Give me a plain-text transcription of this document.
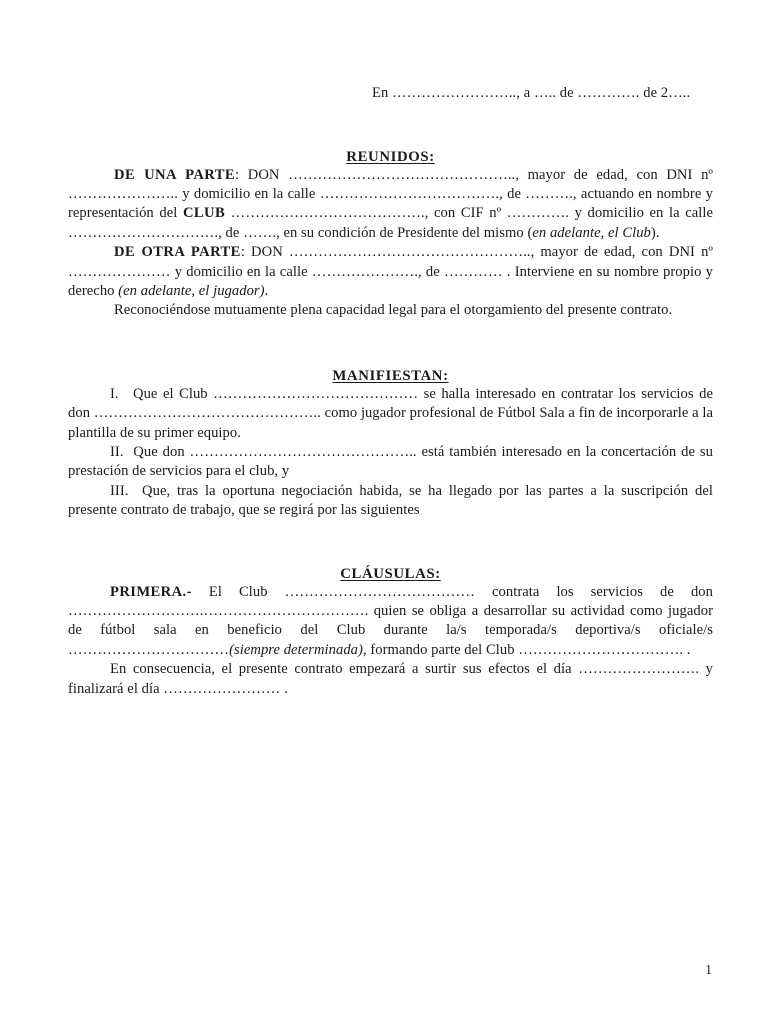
En …………………….., a ….. de …………. de 2…..
REUNIDOS:

DE UNA PARTE: DON ……………………………………….., mayor de edad, con DNI nº ………………….. y domicilio en la calle ………………………………., de ………., actuando en nombre y representación del CLUB …………………………………., con CIF nº …………. y domicilio en la calle …………………………., de ……., en su condición de Presidente del mismo (en adelante, el Club).

DE OTRA PARTE: DON ………………………………………….., mayor de edad, con DNI nº ………………… y domicilio en la calle …………………., de ………… . Interviene en su nombre propio y derecho (en adelante, el jugador).

Reconociéndose mutuamente plena capacidad legal para el otorgamiento del presente contrato.

MANIFIESTAN:

I. Que el Club …………………………………… se halla interesado en contratar los servicios de don ……………………………………….. como jugador profesional de Fútbol Sala a fin de incorporarle a la plantilla de su primer equipo.

II. Que don ……………………………………….. está también interesado en la concertación de su prestación de servicios para el club, y

III. Que, tras la oportuna negociación habida, se ha llegado por las partes a la suscripción del presente contrato de trabajo, que se regirá por las siguientes

CLÁUSULAS:

PRIMERA.- El Club ………………………………… contrata los servicios de don ……………………….……………………………. quien se obliga a desarrollar su actividad como jugador de fútbol sala en beneficio del Club durante la/s temporada/s deportiva/s oficiale/s ……………………………(siempre determinada), formando parte del Club ……………………………. .

En consecuencia, el presente contrato empezará a surtir sus efectos el día ……………………. y finalizará el día …………………… .

1
